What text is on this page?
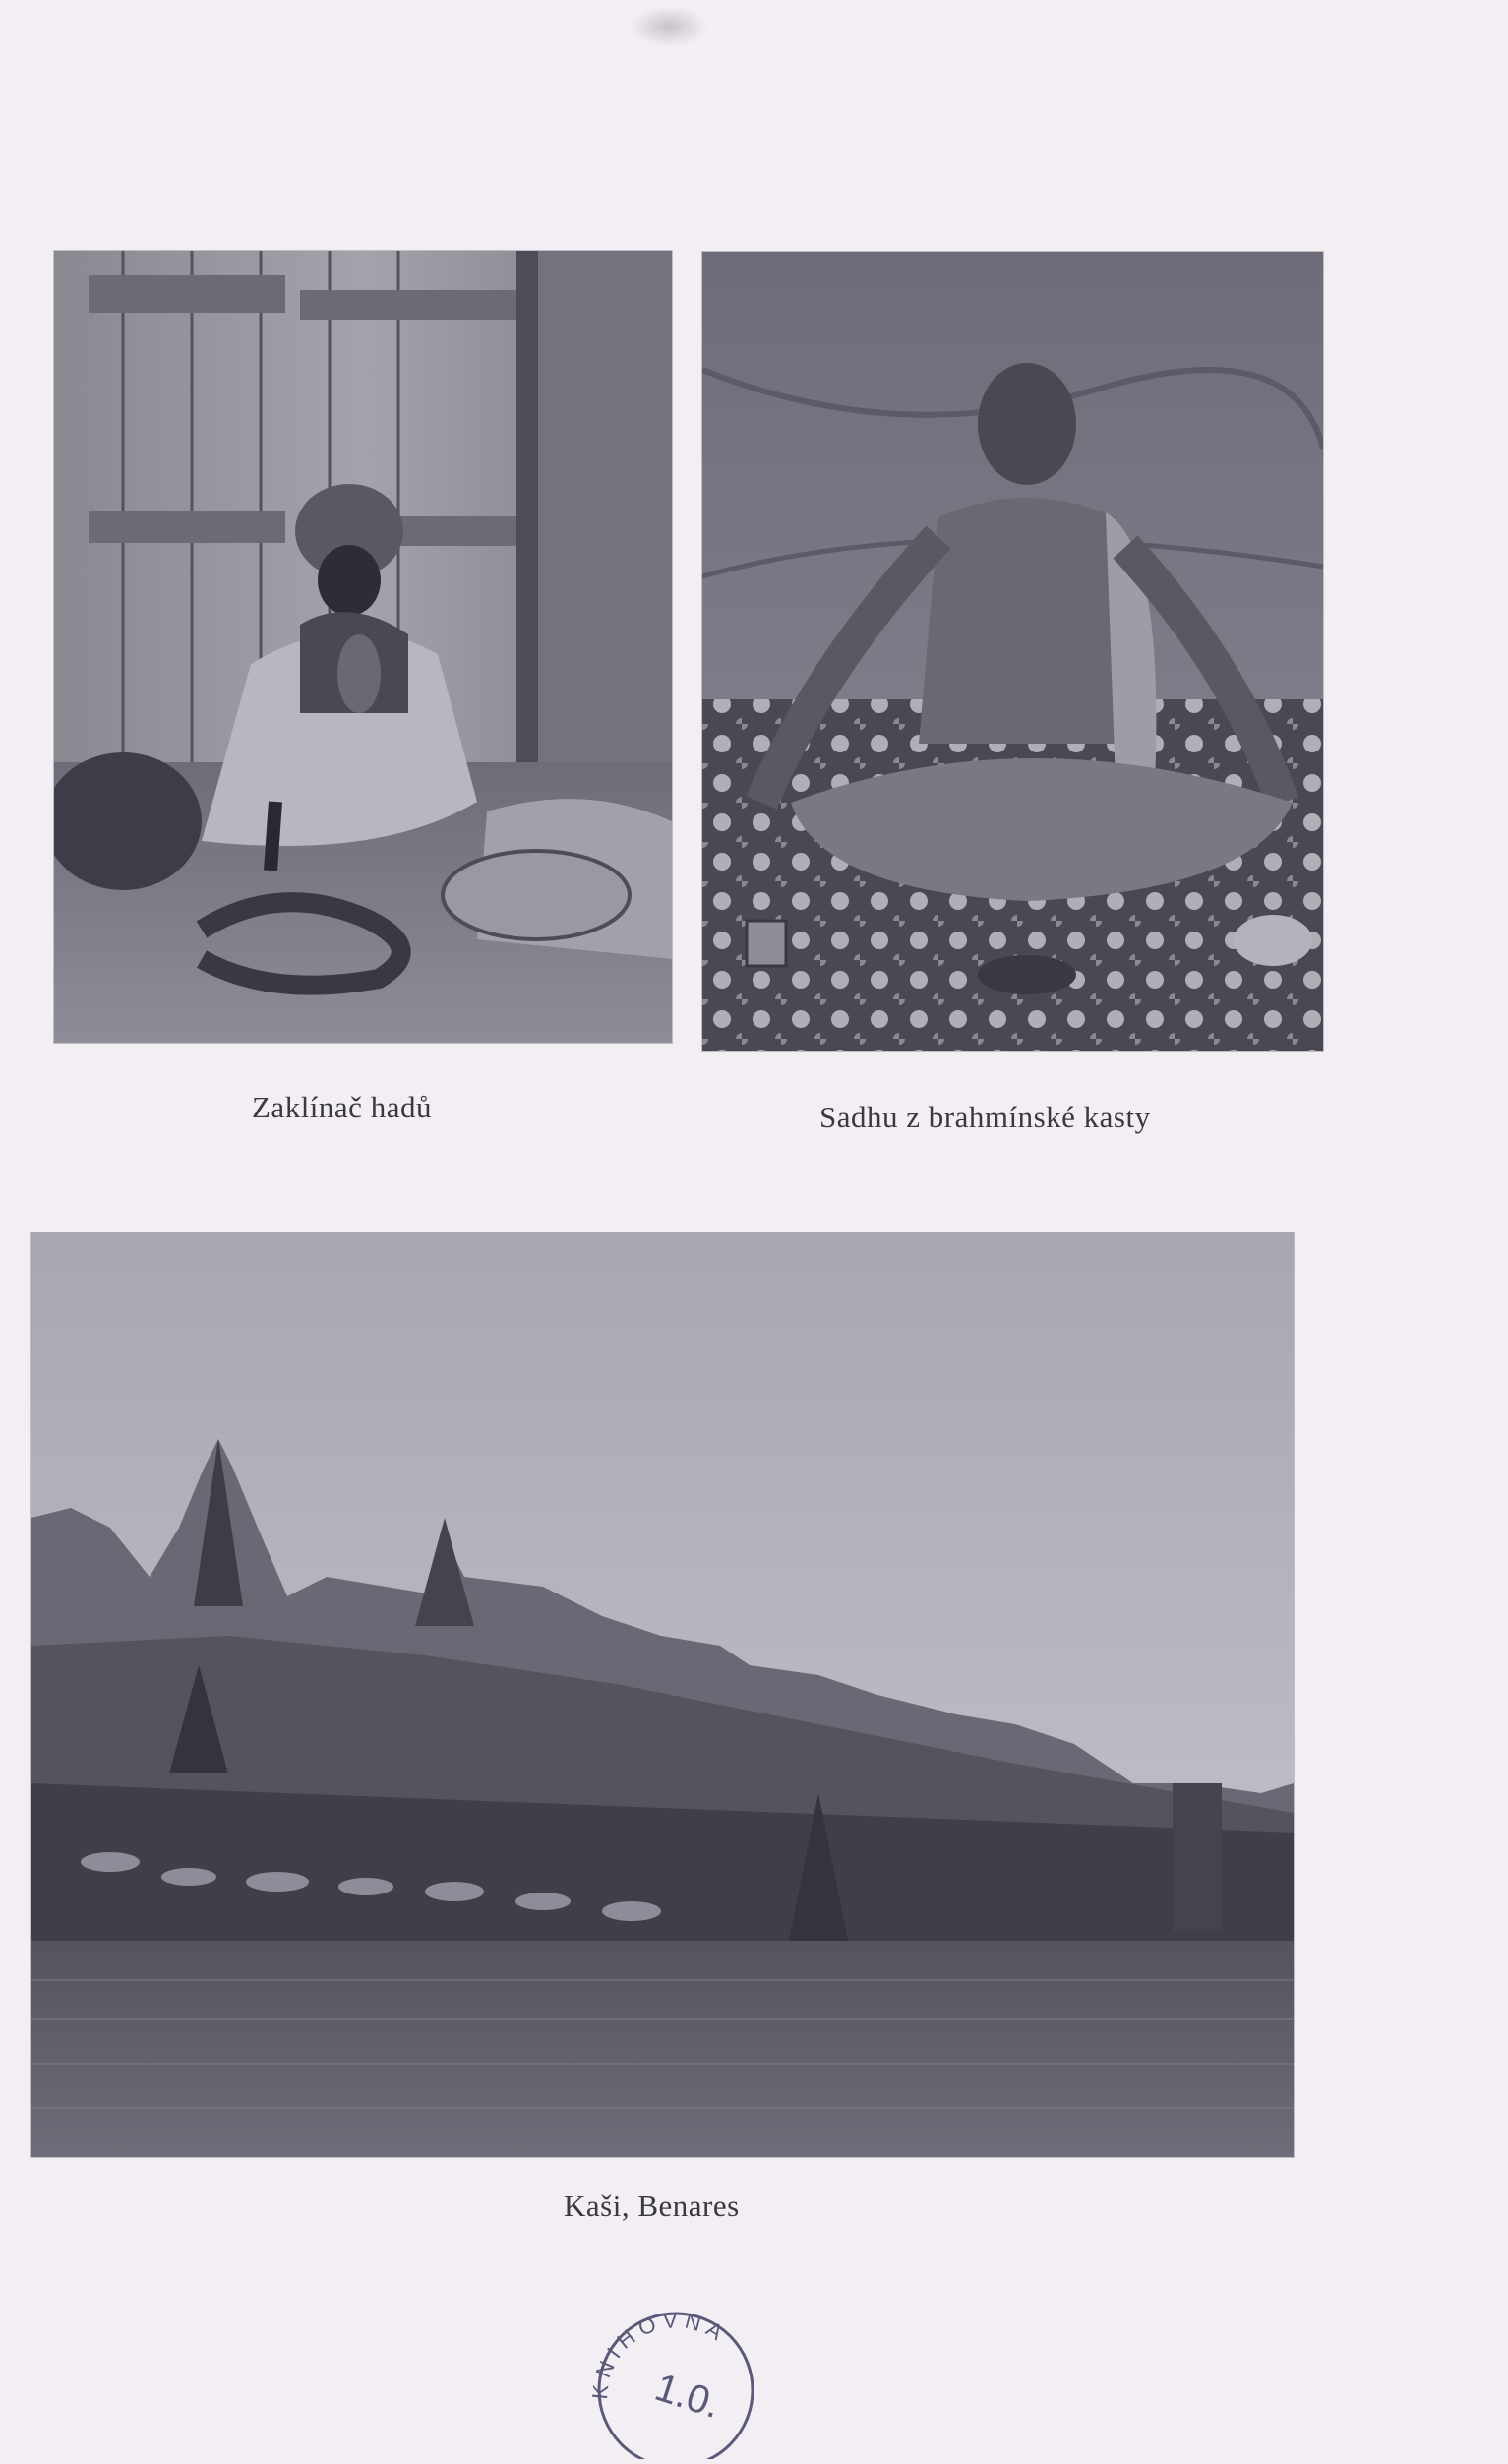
Zaklínač hadů	Sadhu z brahmínské kasty
Kaši, Benares
KNIHOVNA
1.0.
